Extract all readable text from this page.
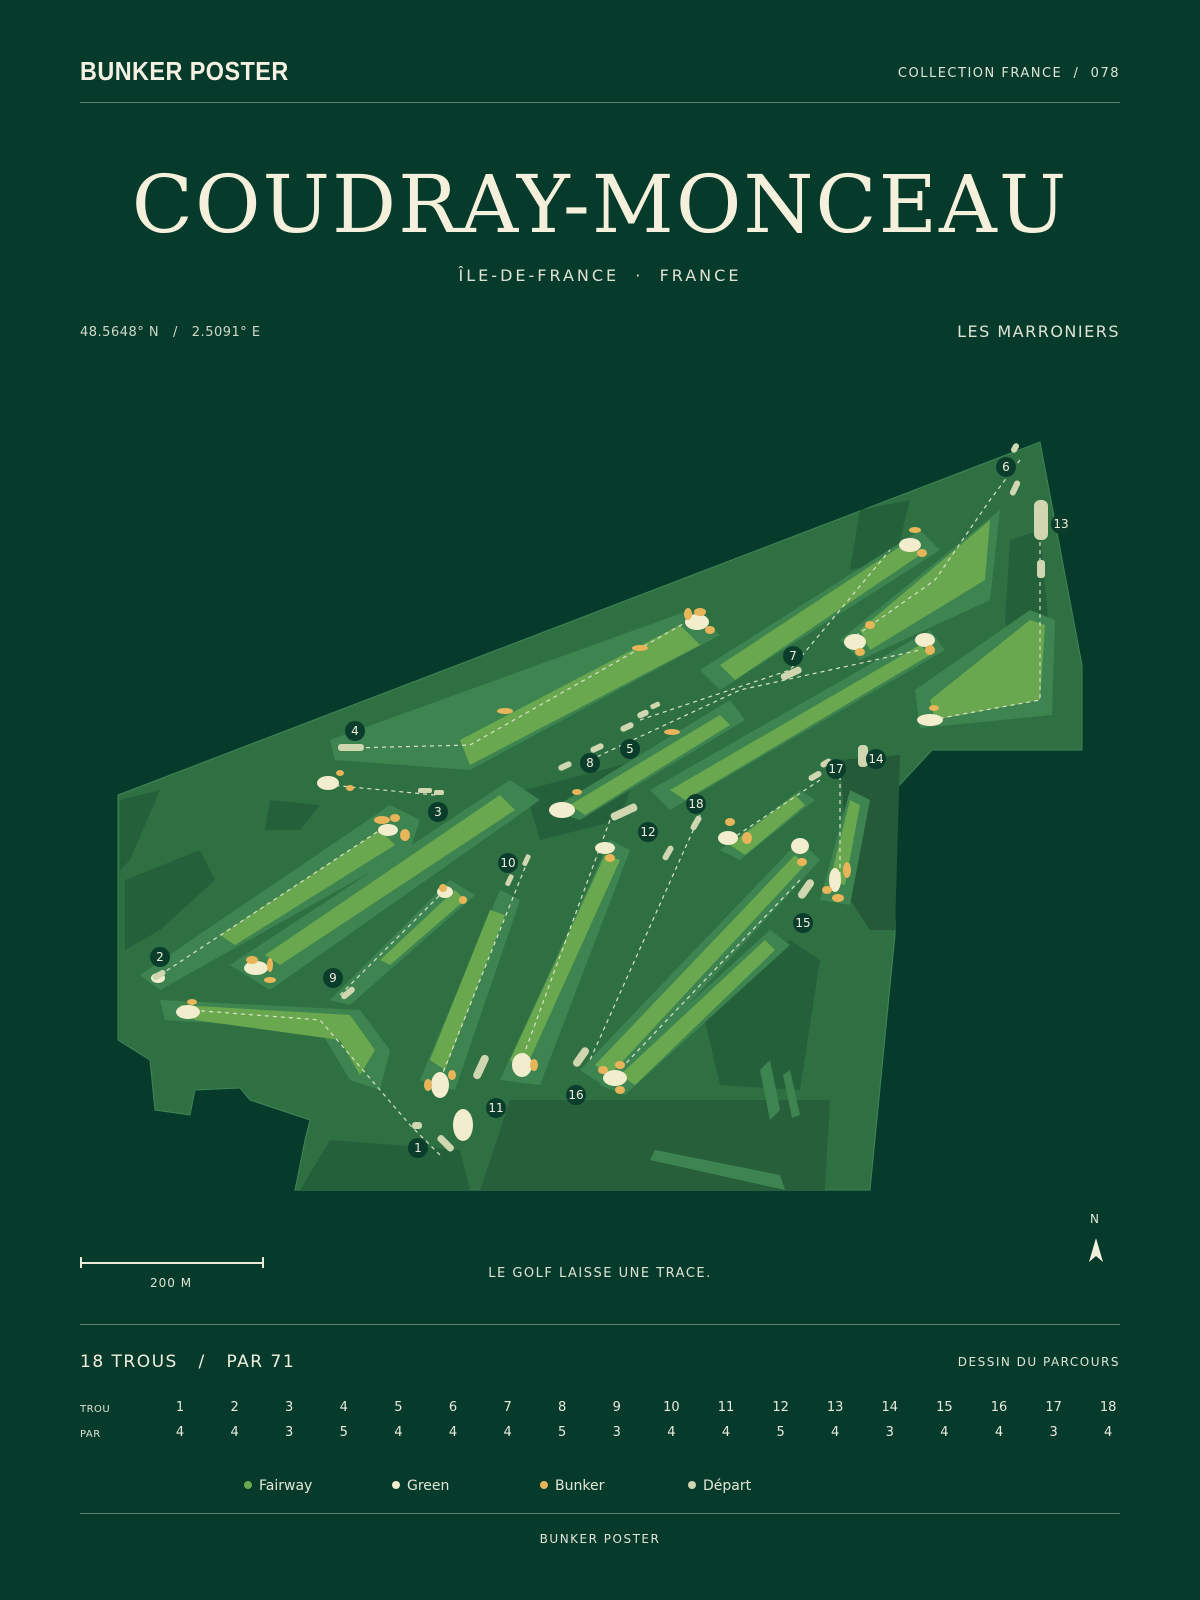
BUNKER POSTER	COLLECTION FRANCE  /  078
COUDRAY-MONCEAU
ÎLE-DE-FRANCE  ·  FRANCE
48.5648° N   /   2.5091° E	LES MARRONIERS
1
2
3
4
5
6
7
8
9
10
11
12
13
14
15
16
17
18
N
200 M
LE GOLF LAISSE UNE TRACE.
18 TROUS   /   PAR 71	DESSIN DU PARCOURS
TROU
PAR
1	2	3	4	5	6	7	8	9	10	11	12	13	14	15	16	17	18
4	4	3	5	4	4	4	5	3	4	4	5	4	3	4	4	3	4
Fairway	Green	Bunker	Départ
BUNKER POSTER
